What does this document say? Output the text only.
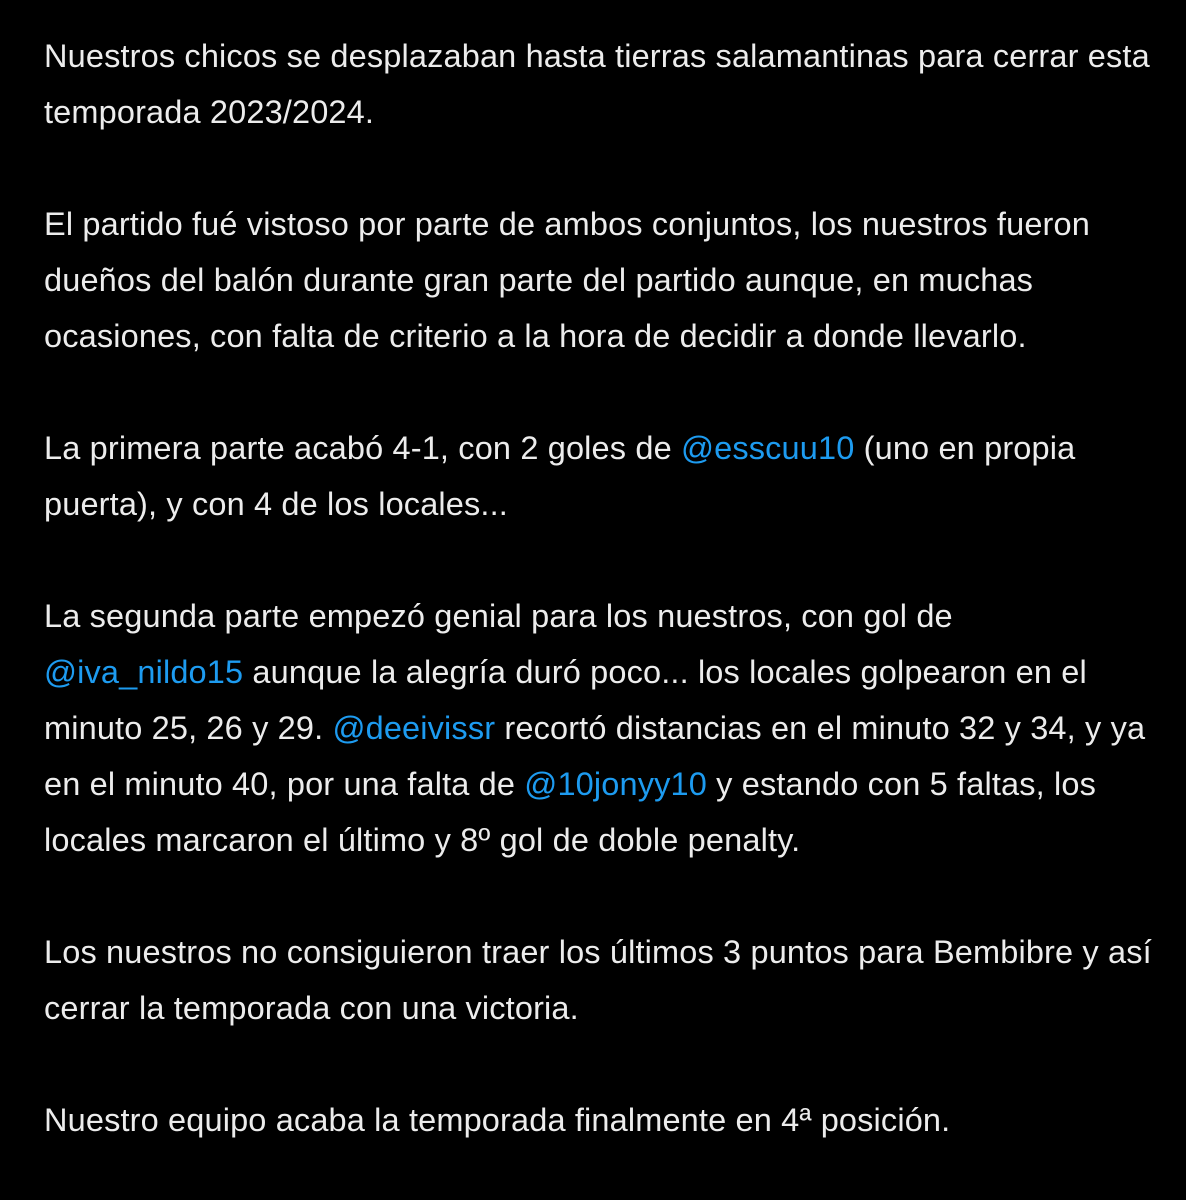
Nuestros chicos se desplazaban hasta tierras salamantinas para cerrar esta temporada 2023/2024.

El partido fué vistoso por parte de ambos conjuntos, los nuestros fueron dueños del balón durante gran parte del partido aunque, en muchas ocasiones, con falta de criterio a la hora de decidir a donde llevarlo.

La primera parte acabó 4-1, con 2 goles de @esscuu10 (uno en propia puerta), y con 4 de los locales...

La segunda parte empezó genial para los nuestros, con gol de @iva_nildo15 aunque la alegría duró poco... los locales golpearon en el minuto 25, 26 y 29. @deeivissr recortó distancias en el minuto 32 y 34, y ya en el minuto 40, por una falta de @10jonyy10 y estando con 5 faltas, los locales marcaron el último y 8º gol de doble penalty.

Los nuestros no consiguieron traer los últimos 3 puntos para Bembibre y así cerrar la temporada con una victoria.

Nuestro equipo acaba la temporada finalmente en 4ª posición.
